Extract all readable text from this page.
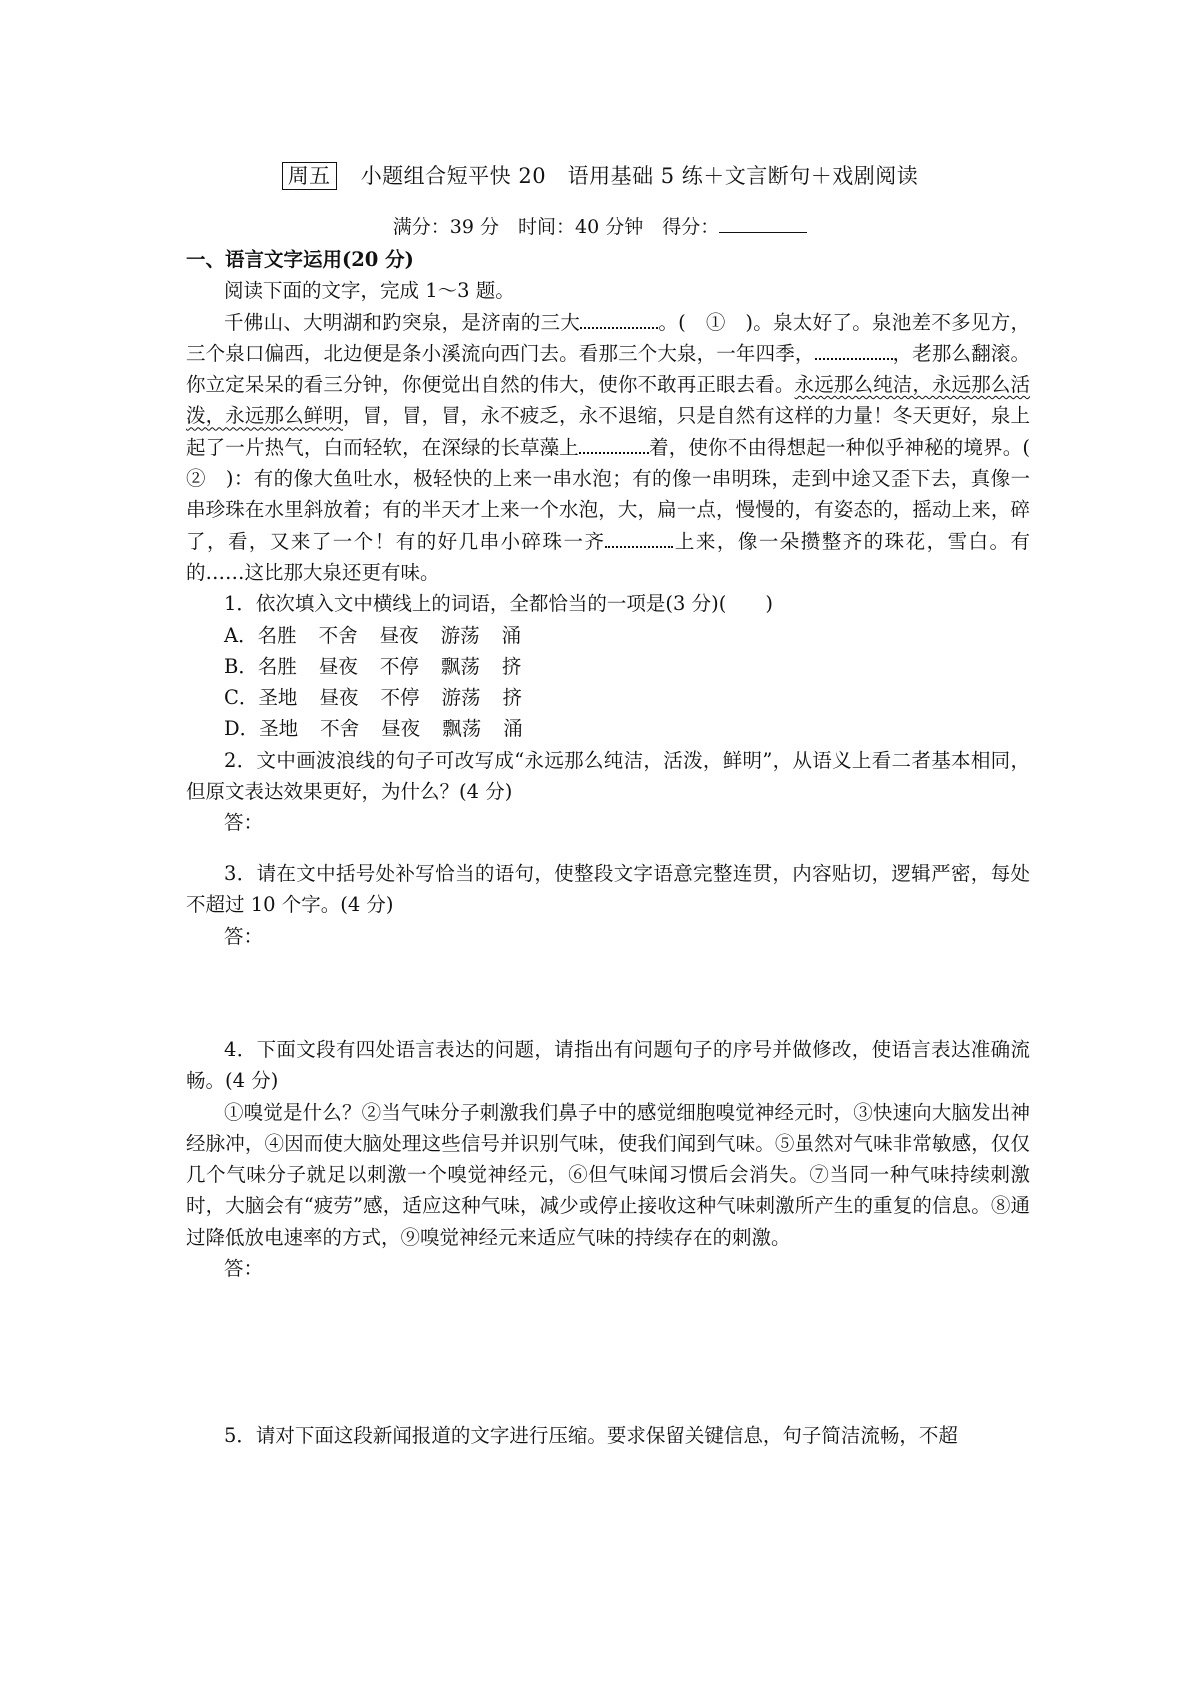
周五 小题组合短平快 20　语用基础 5 练＋文言断句＋戏剧阅读
满分：39 分　时间：40 分钟　得分：

一、语言文字运用(20 分)

阅读下面的文字，完成 1～3 题。

千佛山、大明湖和趵突泉，是济南的三大	。(　①　)。泉太好了。泉池差不多见方，三个泉口偏西，北边便是条小溪流向西门去。看那三个大泉，一年四季，	，老那么翻滚。你立定呆呆的看三分钟，你便觉出自然的伟大，使你不敢再正眼去看。永远那么纯洁，永远那么活泼，永远那么鲜明，冒，冒，冒，永不疲乏，永不退缩，只是自然有这样的力量！冬天更好，泉上起了一片热气，白而轻软，在深绿的长草藻上	着，使你不由得想起一种似乎神秘的境界。(　②　)：有的像大鱼吐水，极轻快的上来一串水泡；有的像一串明珠，走到中途又歪下去，真像一串珍珠在水里斜放着；有的半天才上来一个水泡，大，扁一点，慢慢的，有姿态的，摇动上来，碎了，看，又来了一个！有的好几串小碎珠一齐	上来，像一朵攒整齐的珠花，雪白。有的……这比那大泉还更有味。

1．依次填入文中横线上的词语，全都恰当的一项是(3 分)(　　)

A．名胜 不舍 昼夜 游荡 涌

B．名胜 昼夜 不停 飘荡 挤

C．圣地 昼夜 不停 游荡 挤

D．圣地 不舍 昼夜 飘荡 涌

2．文中画波浪线的句子可改写成“永远那么纯洁，活泼，鲜明”，从语义上看二者基本相同，但原文表达效果更好，为什么？(4 分)

答：

3．请在文中括号处补写恰当的语句，使整段文字语意完整连贯，内容贴切，逻辑严密，每处不超过 10 个字。(4 分)

答：

4．下面文段有四处语言表达的问题，请指出有问题句子的序号并做修改，使语言表达准确流畅。(4 分)

①嗅觉是什么？②当气味分子刺激我们鼻子中的感觉细胞嗅觉神经元时，③快速向大脑发出神经脉冲，④因而使大脑处理这些信号并识别气味，使我们闻到气味。⑤虽然对气味非常敏感，仅仅几个气味分子就足以刺激一个嗅觉神经元，⑥但气味闻习惯后会消失。⑦当同一种气味持续刺激时，大脑会有“疲劳”感，适应这种气味，减少或停止接收这种气味刺激所产生的重复的信息。⑧通过降低放电速率的方式，⑨嗅觉神经元来适应气味的持续存在的刺激。

答：

5．请对下面这段新闻报道的文字进行压缩。要求保留关键信息，句子简洁流畅，不超
